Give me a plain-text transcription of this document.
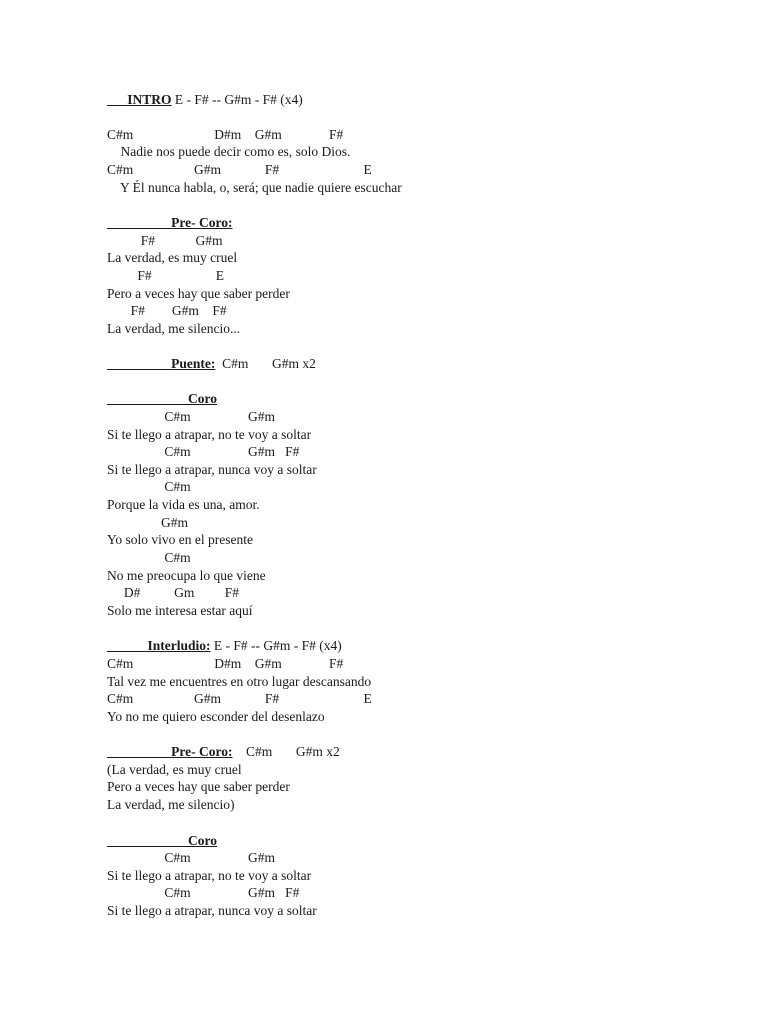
INTRO E - F# -- G#m - F# (x4)
C#m                        D#m    G#m              F#
Nadie nos puede decir como es, solo Dios.
C#m                  G#m             F#                         E
Y Él nunca habla, o, será; que nadie quiere escuchar
Pre- Coro:
F#            G#m
La verdad, es muy cruel
F#                   E
Pero a veces hay que saber perder
F#        G#m    F#
La verdad, me silencio...
Puente:  C#m       G#m x2
Coro
C#m                 G#m
Si te llego a atrapar, no te voy a soltar
C#m                 G#m   F#
Si te llego a atrapar, nunca voy a soltar
C#m
Porque la vida es una, amor.
G#m
Yo solo vivo en el presente
C#m
No me preocupa lo que viene
D#          Gm         F#
Solo me interesa estar aquí
Interludio: E - F# -- G#m - F# (x4)
C#m                        D#m    G#m              F#
Tal vez me encuentres en otro lugar descansando
C#m                  G#m             F#                         E
Yo no me quiero esconder del desenlazo
Pre- Coro:    C#m       G#m x2
(La verdad, es muy cruel
Pero a veces hay que saber perder
La verdad, me silencio)
Coro
C#m                 G#m
Si te llego a atrapar, no te voy a soltar
C#m                 G#m   F#
Si te llego a atrapar, nunca voy a soltar
